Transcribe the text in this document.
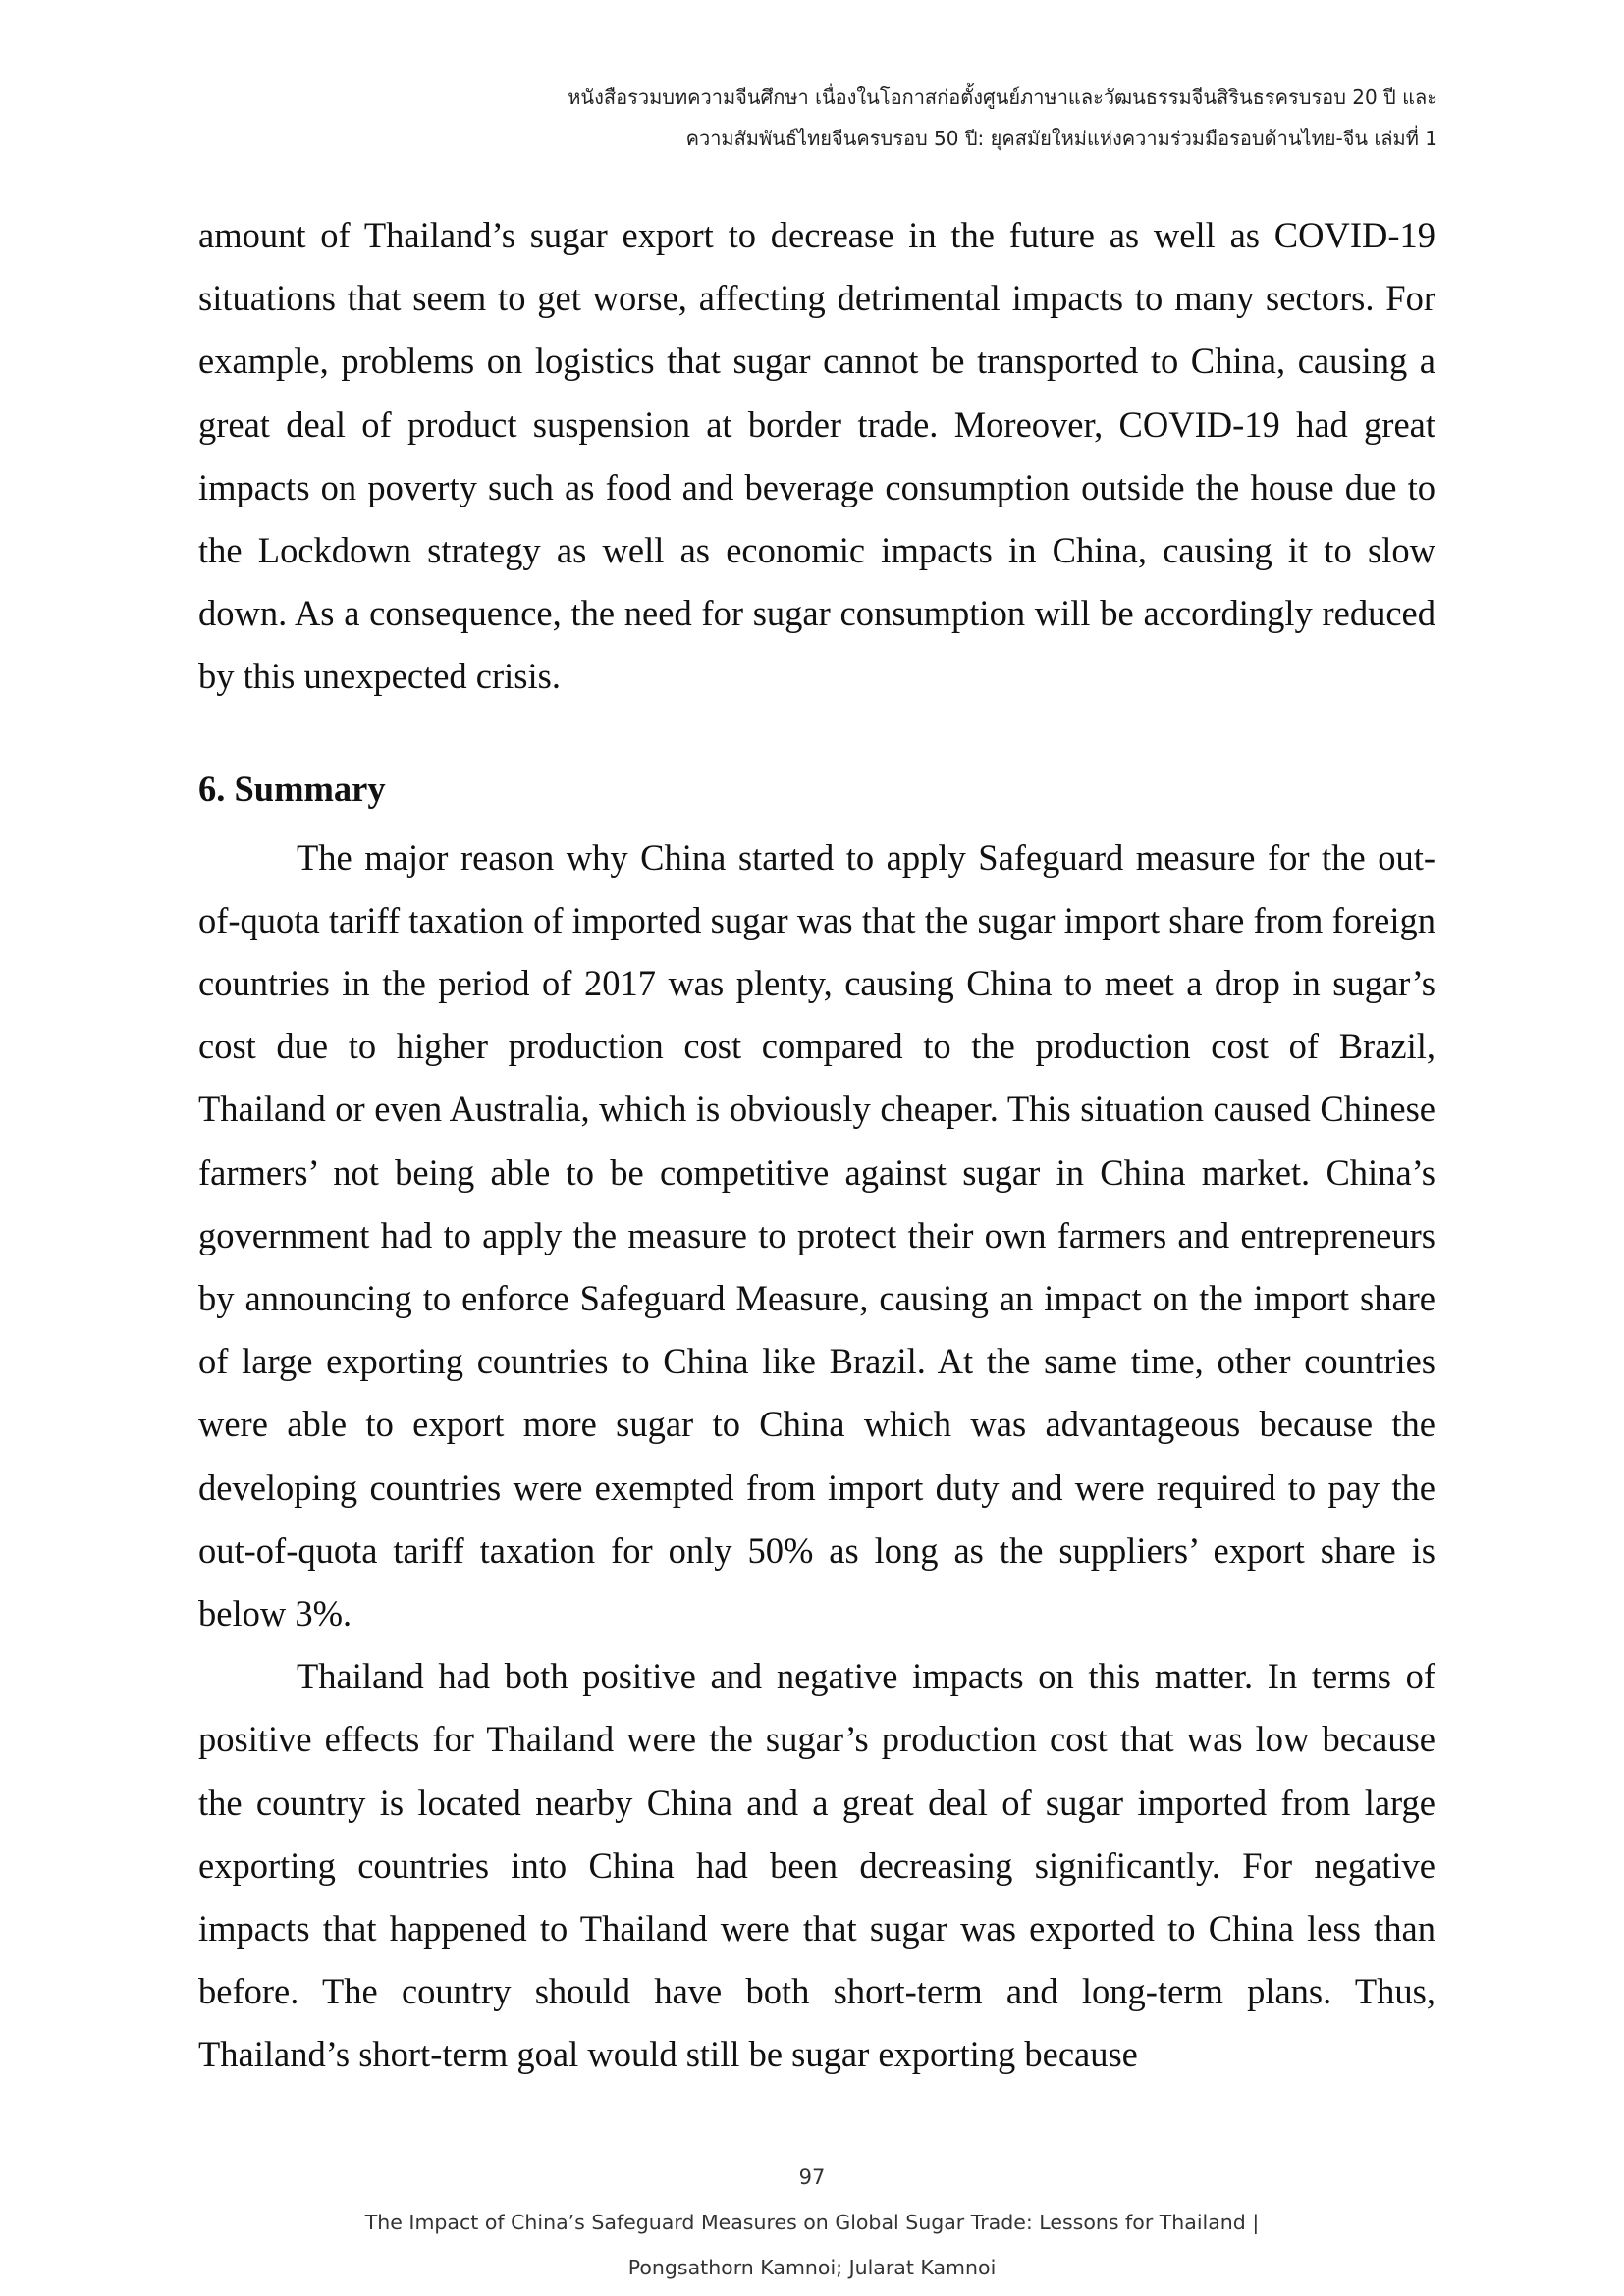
หนังสือรวมบทความจีนศึกษา เนื่องในโอกาสก่อตั้งศูนย์ภาษาและวัฒนธรรมจีนสิรินธรครบรอบ 20 ปี และ
ความสัมพันธ์ไทยจีนครบรอบ 50 ปี: ยุคสมัยใหม่แห่งความร่วมมือรอบด้านไทย-จีน เล่มที่ 1

amount of Thailand’s sugar export to decrease in the future as well as COVID-19 situations that seem to get worse, affecting detrimental impacts to many sectors. For example, problems on logistics that sugar cannot be transported to China, causing a great deal of product suspension at border trade. Moreover, COVID-19 had great impacts on poverty such as food and beverage consumption outside the house due to the Lockdown strategy as well as economic impacts in China, causing it to slow down. As a consequence, the need for sugar consumption will be accordingly reduced by this unexpected crisis.

6. Summary

The major reason why China started to apply Safeguard measure for the out-of-quota tariff taxation of imported sugar was that the sugar import share from foreign countries in the period of 2017 was plenty, causing China to meet a drop in sugar’s cost due to higher production cost compared to the production cost of Brazil, Thailand or even Australia, which is obviously cheaper. This situation caused Chinese farmers’ not being able to be competitive against sugar in China market. China’s government had to apply the measure to protect their own farmers and entrepreneurs by announcing to enforce Safeguard Measure, causing an impact on the import share of large exporting countries to China like Brazil. At the same time, other countries were able to export more sugar to China which was advantageous because the developing countries were exempted from import duty and were required to pay the out-of-quota tariff taxation for only 50% as long as the suppliers’ export share is below 3%.

Thailand had both positive and negative impacts on this matter. In terms of positive effects for Thailand were the sugar’s production cost that was low because the country is located nearby China and a great deal of sugar imported from large exporting countries into China had been decreasing significantly. For negative impacts that happened to Thailand were that sugar was exported to China less than before. The country should have both short-term and long-term plans. Thus, Thailand’s short-term goal would still be sugar exporting because

97
The Impact of China’s Safeguard Measures on Global Sugar Trade: Lessons for Thailand |
Pongsathorn Kamnoi; Jularat Kamnoi
